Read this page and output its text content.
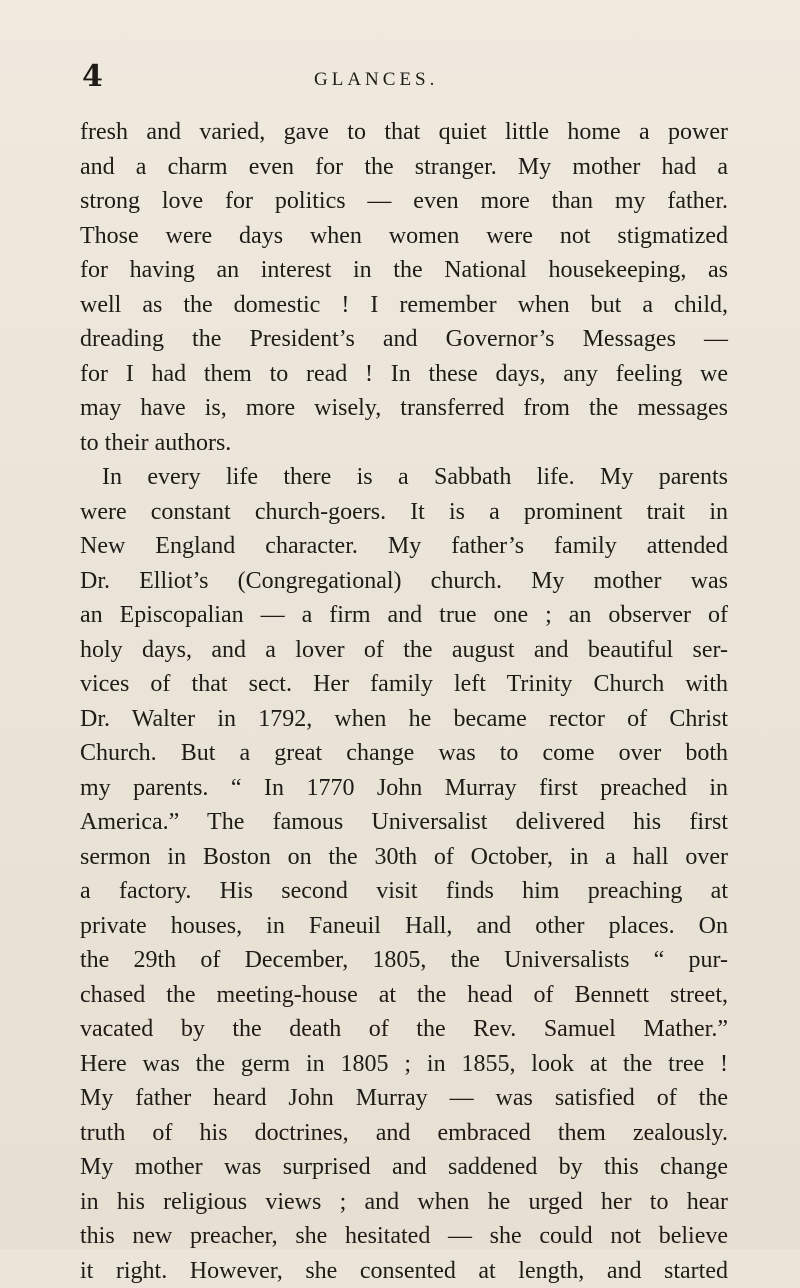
4	GLANCES.
fresh and varied, gave to that quiet little home a power
and a charm even for the stranger. My mother had a
strong love for politics — even more than my father.
Those were days when women were not stigmatized
for having an interest in the National housekeeping, as
well as the domestic ! I remember when but a child,
dreading the President’s and Governor’s Messages —
for I had them to read ! In these days, any feeling we
may have is, more wisely, transferred from the messages
to their authors.
In every life there is a Sabbath life. My parents
were constant church-goers. It is a prominent trait in
New England character. My father’s family attended
Dr. Elliot’s (Congregational) church. My mother was
an Episcopalian — a firm and true one ; an observer of
holy days, and a lover of the august and beautiful ser-
vices of that sect. Her family left Trinity Church with
Dr. Walter in 1792, when he became rector of Christ
Church. But a great change was to come over both
my parents. “ In 1770 John Murray first preached in
America.” The famous Universalist delivered his first
sermon in Boston on the 30th of October, in a hall over
a factory. His second visit finds him preaching at
private houses, in Faneuil Hall, and other places. On
the 29th of December, 1805, the Universalists “ pur-
chased the meeting-house at the head of Bennett street,
vacated by the death of the Rev. Samuel Mather.”
Here was the germ in 1805 ; in 1855, look at the tree !
My father heard John Murray — was satisfied of the
truth of his doctrines, and embraced them zealously.
My mother was surprised and saddened by this change
in his religious views ; and when he urged her to hear
this new preacher, she hesitated — she could not believe
it right. However, she consented at length, and started
